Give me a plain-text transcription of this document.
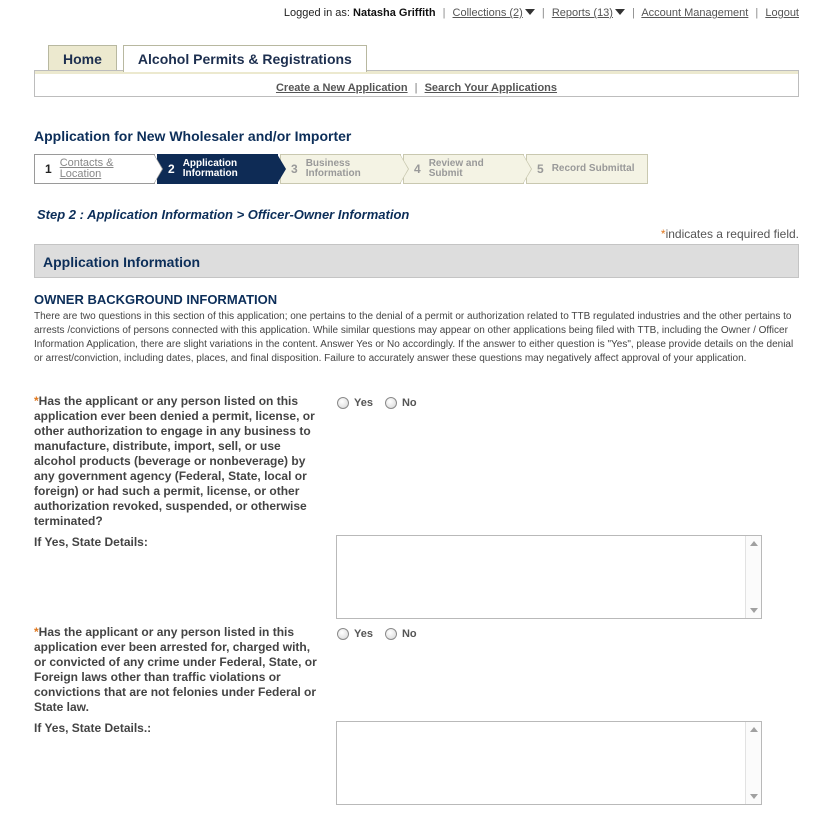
Logged in as: Natasha Griffith | Collections (2) | Reports (13) | Account Management | Logout
Home	Alcohol Permits & Registrations
Create a New Application | Search Your Applications
Application for New Wholesaler and/or Importer
1 Contacts &
Location	2 Application
Information	3 Business
Information	4 Review and
Submit	5 Record Submittal
Step 2 : Application Information > Officer-Owner Information
*indicates a required field.
Application Information
OWNER BACKGROUND INFORMATION

There are two questions in this section of this application; one pertains to the denial of a permit or authorization related to TTB regulated industries and the other pertains to arrests /convictions of persons connected with this application. While similar questions may appear on other applications being filed with TTB, including the Owner / Officer Information Application, there are slight variations in the content. Answer Yes or No accordingly. If the answer to either question is "Yes", please provide details on the denial or arrest/conviction, including dates, places, and final disposition. Failure to accurately answer these questions may negatively affect approval of your application.

*Has the applicant or any person listed on this application ever been denied a permit, license, or other authorization to engage in any business to manufacture, distribute, import, sell, or use alcohol products (beverage or nonbeverage) by any government agency (Federal, State, local or foreign) or had such a permit, license, or other authorization revoked, suspended, or otherwise terminated?

Yes	No
If Yes, State Details:

*Has the applicant or any person listed in this application ever been arrested for, charged with, or convicted of any crime under Federal, State, or Foreign laws other than traffic violations or convictions that are not felonies under Federal or State law.

Yes	No
If Yes, State Details.:
